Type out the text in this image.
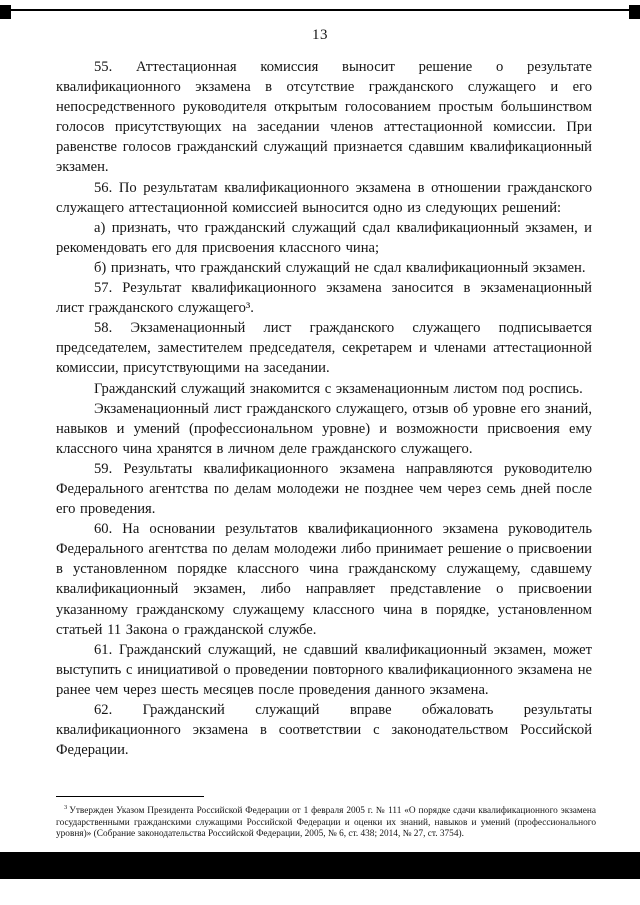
13

55. Аттестационная комиссия выносит решение о результате квалификационного экзамена в отсутствие гражданского служащего и его непосредственного руководителя открытым голосованием простым большинством голосов присутствующих на заседании членов аттестационной комиссии. При равенстве голосов гражданский служащий признается сдавшим квалификационный экзамен.

56. По результатам квалификационного экзамена в отношении гражданского служащего аттестационной комиссией выносится одно из следующих решений:

а) признать, что гражданский служащий сдал квалификационный экзамен, и рекомендовать его для присвоения классного чина;

б) признать, что гражданский служащий не сдал квалификационный экзамен.

57. Результат квалификационного экзамена заносится в экзаменационный лист гражданского служащего³.

58. Экзаменационный лист гражданского служащего подписывается председателем, заместителем председателя, секретарем и членами аттестационной комиссии, присутствующими на заседании.

Гражданский служащий знакомится с экзаменационным листом под роспись.

Экзаменационный лист гражданского служащего, отзыв об уровне его знаний, навыков и умений (профессиональном уровне) и возможности присвоения ему классного чина хранятся в личном деле гражданского служащего.

59. Результаты квалификационного экзамена направляются руководителю Федерального агентства по делам молодежи не позднее чем через семь дней после его проведения.

60. На основании результатов квалификационного экзамена руководитель Федерального агентства по делам молодежи либо принимает решение о присвоении в установленном порядке классного чина гражданскому служащему, сдавшему квалификационный экзамен, либо направляет представление о присвоении указанному гражданскому служащему классного чина в порядке, установленном статьей 11 Закона о гражданской службе.

61. Гражданский служащий, не сдавший квалификационный экзамен, может выступить с инициативой о проведении повторного квалификационного экзамена не ранее чем через шесть месяцев после проведения данного экзамена.

62. Гражданский служащий вправе обжаловать результаты квалификационного экзамена в соответствии с законодательством Российской Федерации.

$^3$ Утвержден Указом Президента Российской Федерации от 1 февраля 2005 г. № 111 «О порядке сдачи квалификационного экзамена государственными гражданскими служащими Российской Федерации и оценки их знаний, навыков и умений (профессионального уровня)» (Собрание законодательства Российской Федерации, 2005, № 6, ст. 438; 2014, № 27, ст. 3754).
